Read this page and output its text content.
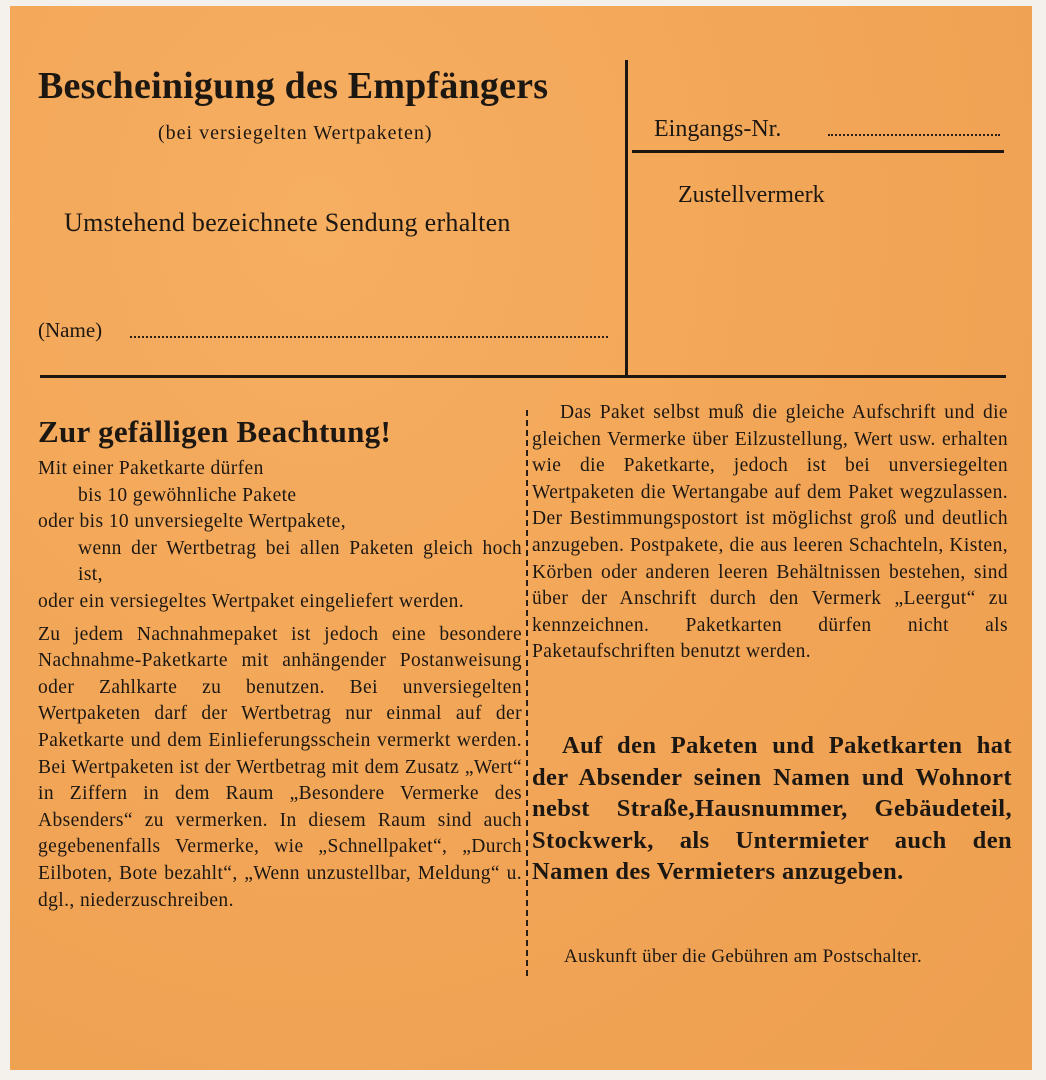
Bescheinigung des Empfängers
(bei versiegelten Wertpaketen)
Umstehend bezeichnete Sendung erhalten
(Name)
Eingangs-Nr.
Zustellvermerk
Zur gefälligen Beachtung!

Mit einer Paketkarte dürfen

bis 10 gewöhnliche Pakete

oder bis 10 unversiegelte Wertpakete,

wenn der Wertbetrag bei allen Paketen gleich hoch ist,

oder ein versiegeltes Wertpaket eingeliefert werden.

Zu jedem Nachnahmepaket ist jedoch eine besondere Nachnahme-Paketkarte mit anhängender Postanweisung oder Zahlkarte zu benutzen. Bei unversiegelten Wertpaketen darf der Wertbetrag nur einmal auf der Paketkarte und dem Einlieferungsschein vermerkt werden. Bei Wertpaketen ist der Wertbetrag mit dem Zusatz „Wert“ in Ziffern in dem Raum „Besondere Vermerke des Absenders“ zu vermerken. In diesem Raum sind auch gegebenenfalls Vermerke, wie „Schnellpaket“, „Durch Eilboten, Bote bezahlt“, „Wenn unzustellbar, Meldung“ u. dgl., niederzuschreiben.

Das Paket selbst muß die gleiche Aufschrift und die gleichen Vermerke über Eilzustellung, Wert usw. erhalten wie die Paketkarte, jedoch ist bei unversiegelten Wertpaketen die Wertangabe auf dem Paket wegzulassen. Der Bestimmungspostort ist möglichst groß und deutlich anzugeben. Postpakete, die aus leeren Schachteln, Kisten, Körben oder anderen leeren Behältnissen bestehen, sind über der Anschrift durch den Vermerk „Leergut“ zu kennzeichnen. Paketkarten dürfen nicht als Paketaufschriften benutzt werden.

Auf den Paketen und Paketkarten hat der Absender seinen Namen und Wohnort nebst Straße,Hausnummer, Gebäudeteil, Stockwerk, als Untermieter auch den Namen des Vermieters anzugeben.

Auskunft über die Gebühren am Postschalter.
